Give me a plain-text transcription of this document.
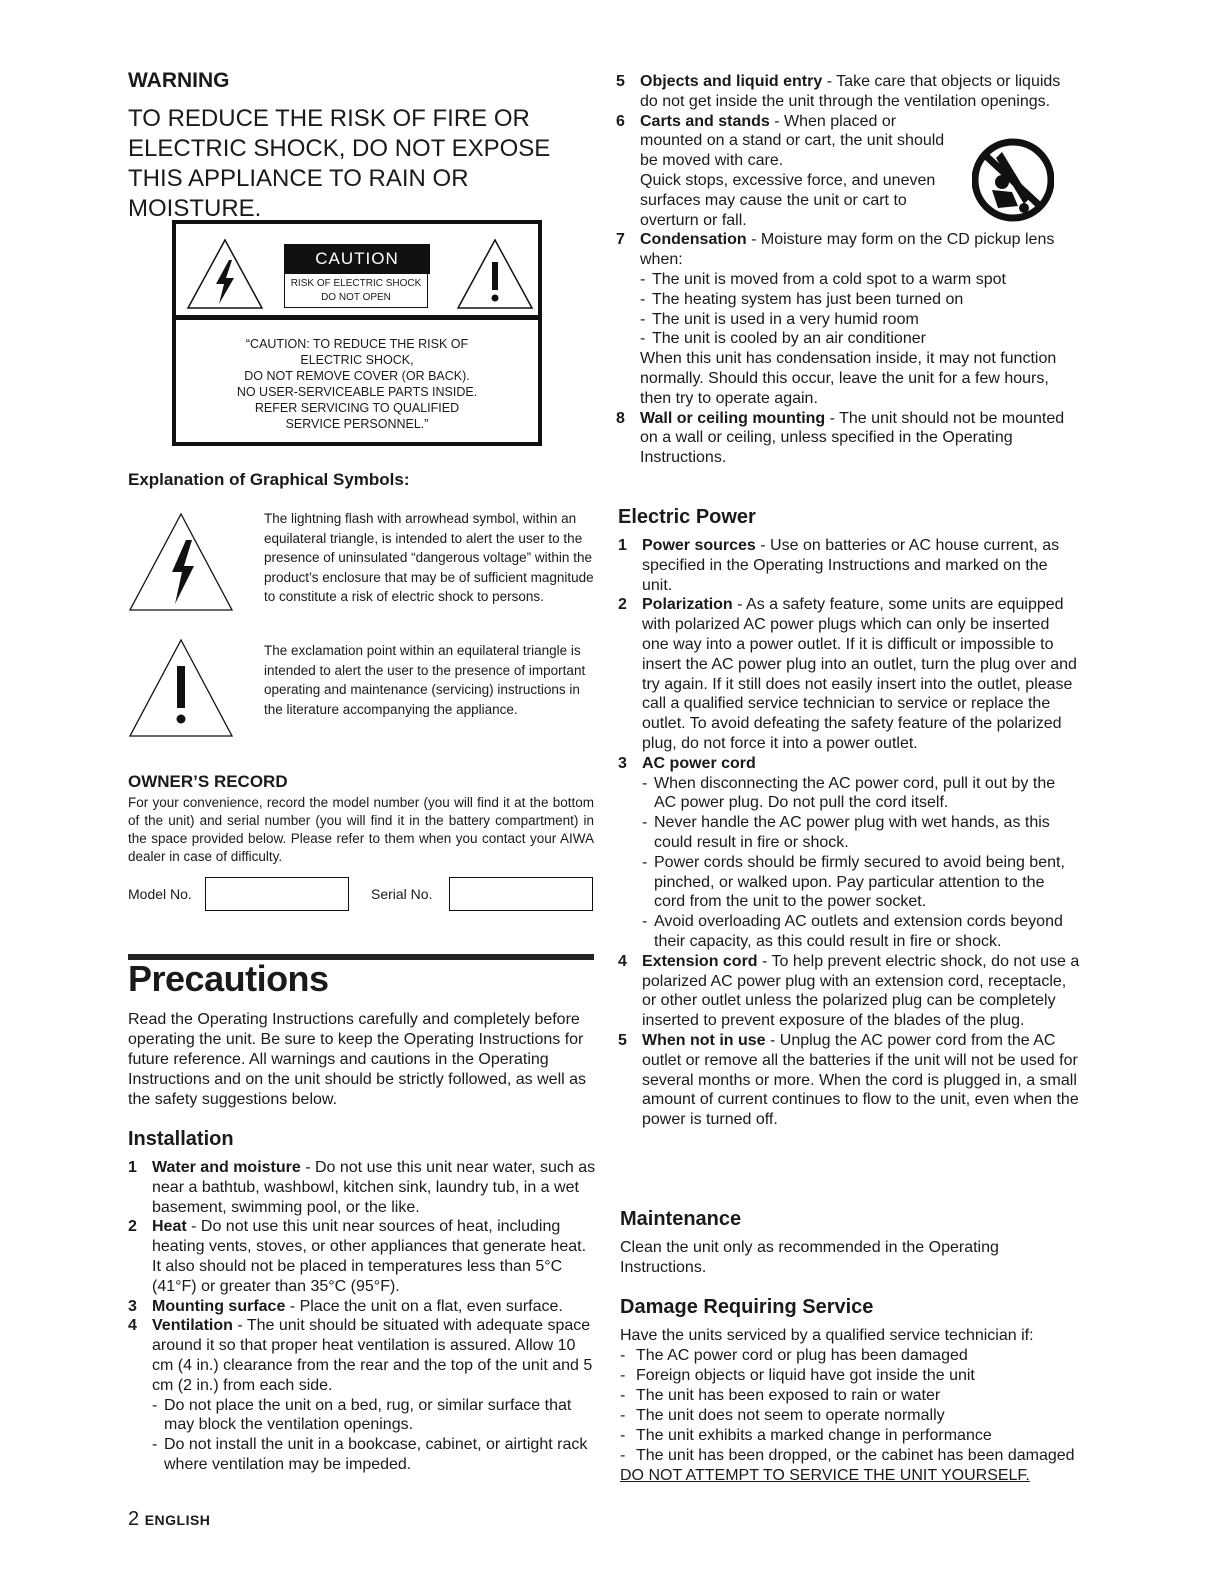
WARNING
TO REDUCE THE RISK OF FIRE OR ELECTRIC SHOCK, DO NOT EXPOSE THIS APPLIANCE TO RAIN OR MOISTURE.
CAUTION
RISK OF ELECTRIC SHOCK
DO NOT OPEN
“CAUTION: TO REDUCE THE RISK OF
ELECTRIC SHOCK,
DO NOT REMOVE COVER (OR BACK).
NO USER-SERVICEABLE PARTS INSIDE.
REFER SERVICING TO QUALIFIED
SERVICE PERSONNEL.”
Explanation of Graphical Symbols:
The lightning flash with arrowhead symbol, within an equilateral triangle, is intended to alert the user to the presence of uninsulated “dangerous voltage” within the product’s enclosure that may be of sufficient magnitude to constitute a risk of electric shock to persons.
The exclamation point within an equilateral triangle is intended to alert the user to the presence of important operating and maintenance (servicing) instructions in the literature accompanying the appliance.
OWNER’S RECORD
For your convenience, record the model number (you will find it at the bottom of the unit) and serial number (you will find it in the battery compartment) in the space provided below. Please refer to them when you contact your AIWA dealer in case of difficulty.
Model No.	Serial No.
Precautions
Read the Operating Instructions carefully and completely before operating the unit. Be sure to keep the Operating Instructions for future reference. All warnings and cautions in the Operating Instructions and on the unit should be strictly followed, as well as the safety suggestions below.
Installation
1 Water and moisture - Do not use this unit near water, such as near a bathtub, washbowl, kitchen sink, laundry tub, in a wet basement, swimming pool, or the like.
2 Heat - Do not use this unit near sources of heat, including heating vents, stoves, or other appliances that generate heat.
It also should not be placed in temperatures less than 5°C (41°F) or greater than 35°C (95°F).
3 Mounting surface - Place the unit on a flat, even surface.
4 Ventilation - The unit should be situated with adequate space around it so that proper heat ventilation is assured. Allow 10 cm (4 in.) clearance from the rear and the top of the unit and 5 cm (2 in.) from each side.
- Do not place the unit on a bed, rug, or similar surface that may block the ventilation openings.
- Do not install the unit in a bookcase, cabinet, or airtight rack where ventilation may be impeded.
5 Objects and liquid entry - Take care that objects or liquids do not get inside the unit through the ventilation openings.
6 Carts and stands - When placed or mounted on a stand or cart, the unit should be moved with care.
Quick stops, excessive force, and uneven surfaces may cause the unit or cart to overturn or fall.
7 Condensation - Moisture may form on the CD pickup lens when:
- The unit is moved from a cold spot to a warm spot
- The heating system has just been turned on
- The unit is used in a very humid room
- The unit is cooled by an air conditioner
When this unit has condensation inside, it may not function normally. Should this occur, leave the unit for a few hours, then try to operate again.
8 Wall or ceiling mounting - The unit should not be mounted on a wall or ceiling, unless specified in the Operating Instructions.
Electric Power
1 Power sources - Use on batteries or AC house current, as specified in the Operating Instructions and marked on the unit.
2 Polarization - As a safety feature, some units are equipped with polarized AC power plugs which can only be inserted one way into a power outlet. If it is difficult or impossible to insert the AC power plug into an outlet, turn the plug over and try again. If it still does not easily insert into the outlet, please call a qualified service technician to service or replace the outlet. To avoid defeating the safety feature of the polarized plug, do not force it into a power outlet.
3 AC power cord
- When disconnecting the AC power cord, pull it out by the AC power plug. Do not pull the cord itself.
- Never handle the AC power plug with wet hands, as this could result in fire or shock.
- Power cords should be firmly secured to avoid being bent, pinched, or walked upon. Pay particular attention to the cord from the unit to the power socket.
- Avoid overloading AC outlets and extension cords beyond their capacity, as this could result in fire or shock.
4 Extension cord - To help prevent electric shock, do not use a polarized AC power plug with an extension cord, receptacle, or other outlet unless the polarized plug can be completely inserted to prevent exposure of the blades of the plug.
5 When not in use - Unplug the AC power cord from the AC outlet or remove all the batteries if the unit will not be used for several months or more. When the cord is plugged in, a small amount of current continues to flow to the unit, even when the power is turned off.
Maintenance
Clean the unit only as recommended in the Operating Instructions.
Damage Requiring Service
Have the units serviced by a qualified service technician if:
- The AC power cord or plug has been damaged
- Foreign objects or liquid have got inside the unit
- The unit has been exposed to rain or water
- The unit does not seem to operate normally
- The unit exhibits a marked change in performance
- The unit has been dropped, or the cabinet has been damaged
DO NOT ATTEMPT TO SERVICE THE UNIT YOURSELF.
2 ENGLISH
